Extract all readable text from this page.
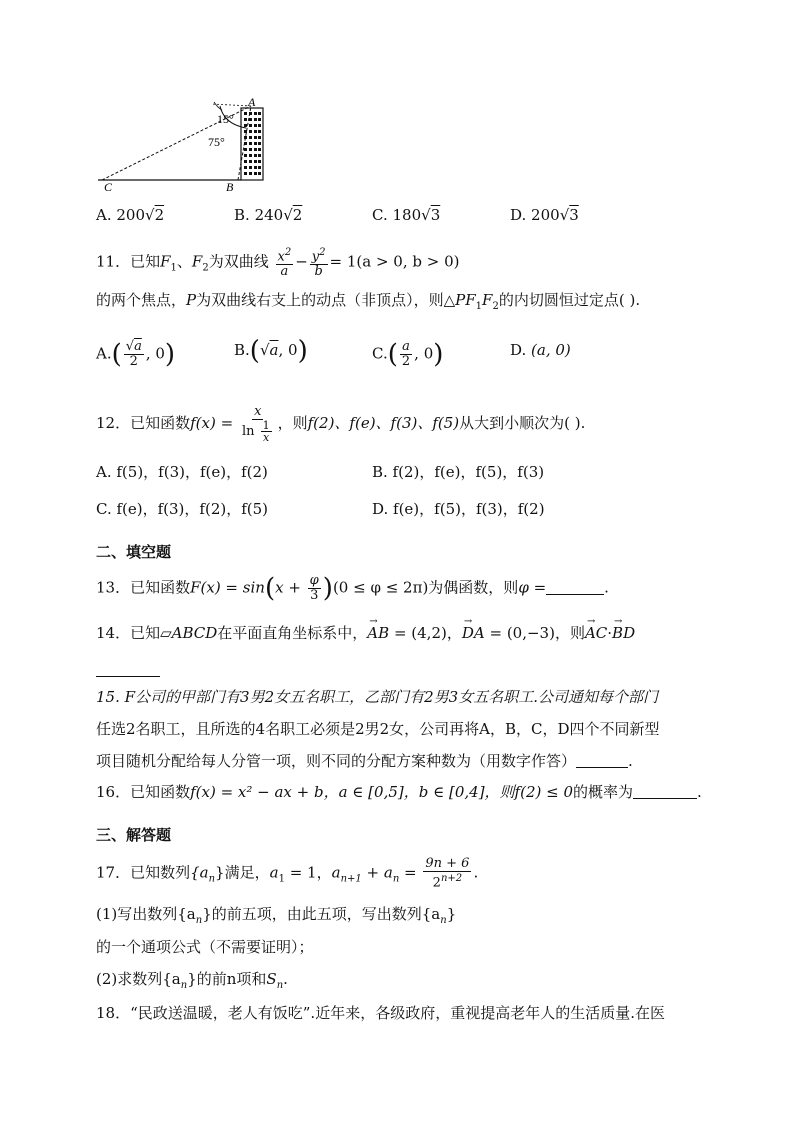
15°
75°
A
B
C
A. 200√2	B. 240√2	C. 180√3	D. 200√3
11．已知$F_1$、$F_2$为双曲线 $\frac{x^2}{a} - \frac{y^2}{b} = 1(a > 0$, b > 0)
的两个焦点，P为双曲线右支上的动点（非顶点），则$\triangle PF_1F_2$的内切圆恒过定点( ).
$A.( \frac{√a}{2}$ , 0)	B.(√a, 0)	$C.( \frac{a}{2}$ , 0)	D. (a, 0)
12．已知函数$f(x) = \frac{x}{\ln \frac{1}{x}}$ ，则f(2)、f(e)、f(3)、f(5)从大到小顺次为( ).
A. f(5)，f(3)，f(e)，f(2)	B. f(2)，f(e)，f(5)，f(3)
C. f(e)，f(3)，f(2)，f(5)	D. f(e)，f(5)，f(3)，f(2)
二、填空题
13．已知函数$F(x) = \sin(x + \frac{\varphi}{3} )(0 \le \varphi \le 2\pi)$为偶函数，则φ =	.
14．已知▱ABCD在平面直角坐标系中，→ AB = (4,2)，→ DA = (0,−3)，则→ AC·→ BD
15. F公司的甲部门有3男2女五名职工，乙部门有2男3女五名职工.公司通知每个部门
任选2名职工，且所选的4名职工必须是2男2女，公司再将A，B，C，D四个不同新型
项目随机分配给每人分管一项，则不同的分配方案种数为（用数字作答）	.
16．已知函数f(x) = x² − ax + b，a ∈ [0,5]，b ∈ [0,4]，则f(2) ≤ 0的概率为	.
三、解答题
17．已知数列$\{a_n\}$满足，$a_1 = 1$，$a_{n+1} + a_n = \frac{9n + 6}{2^{n+2}}$ .
(1)写出数列$\{a_n\}$的前五项，由此五项，写出数列$\{a_n\}$
的一个通项公式（不需要证明）；
(2)求数列$\{a_n\}$的前n项和$S_n$.
18．“民政送温暖，老人有饭吃”.近年来，各级政府，重视提高老年人的生活质量.在医
